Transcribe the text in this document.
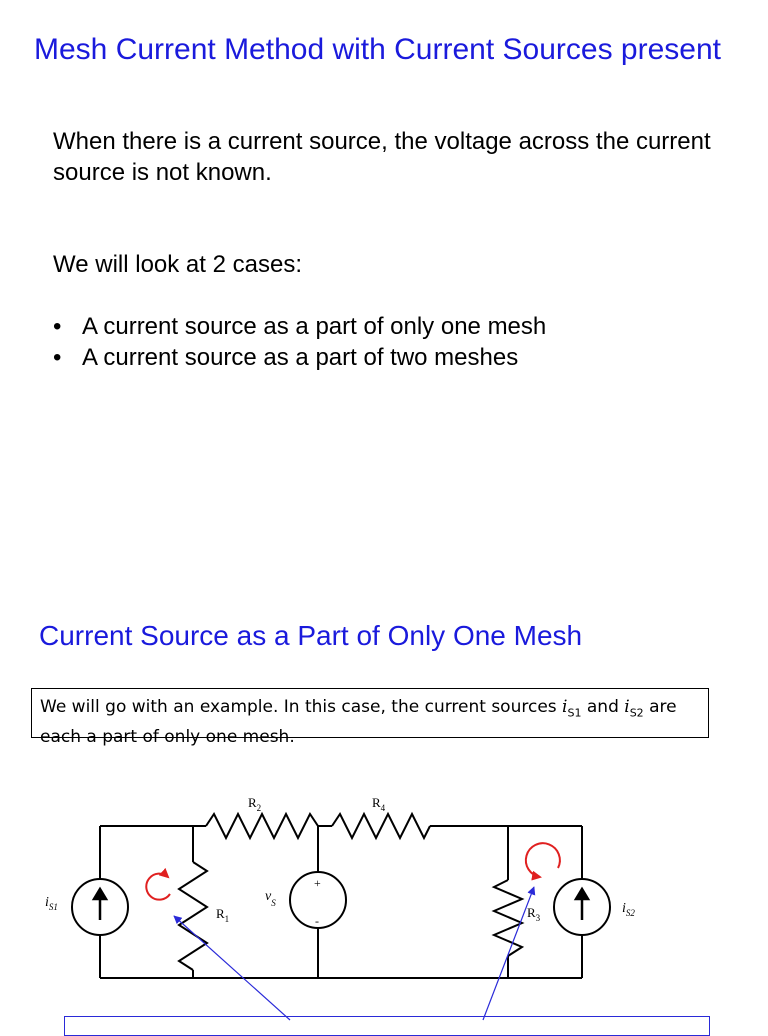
Mesh Current Method with Current Sources present

When there is a current source, the voltage across the current source is not known.

We will look at 2 cases:

• A current source as a part of only one mesh
• A current source as a part of two meshes
Current Source as a Part of Only One Mesh
We will go with an example. In this case, the current sources $i_{S1}$ and $i_{S2}$ are each a part of only one mesh.
$R_2$	$R_4$
$R_1$	$R_3$
$i_{S1}$	$i_{S2}$
$v_S$
+
-
